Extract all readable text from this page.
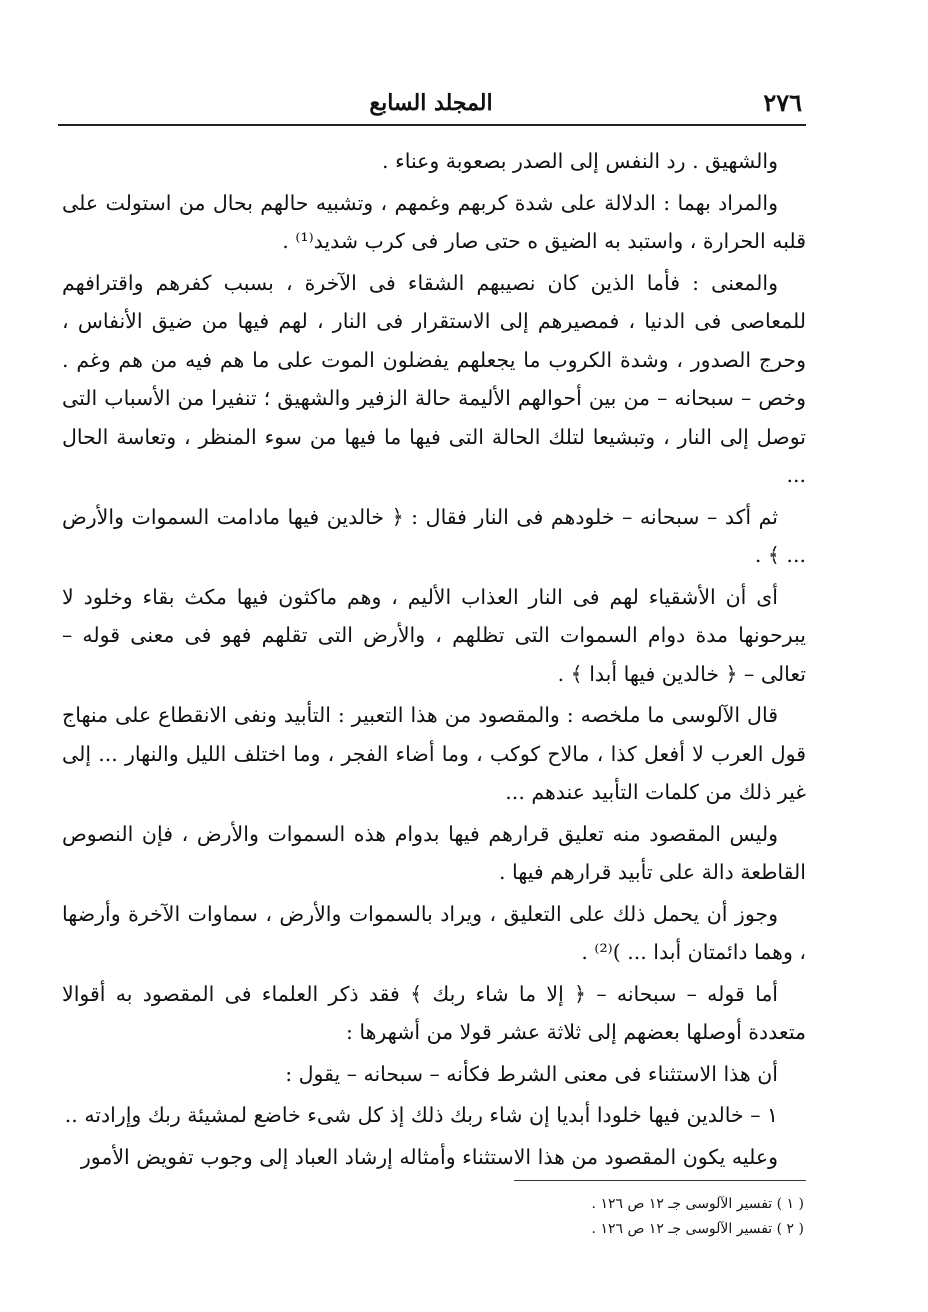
٢٧٦
المجلد السابع

والشهيق . رد النفس إلى الصدر بصعوبة وعناء .

والمراد بهما : الدلالة على شدة كربهم وغمهم ، وتشبيه حالهم بحال من استولت على قلبه الحرارة ، واستبد به الضيق ه حتى صار فى كرب شديد⁽¹⁾ .

والمعنى : فأما الذين كان نصيبهم الشقاء فى الآخرة ، بسبب كفرهم واقترافهم للمعاصى فى الدنيا ، فمصيرهم إلى الاستقرار فى النار ، لهم فيها من ضيق الأنفاس ، وحرج الصدور ، وشدة الكروب ما يجعلهم يفضلون الموت على ما هم فيه من هم وغم . وخص – سبحانه – من بين أحوالهم الأليمة حالة الزفير والشهيق ؛ تنفيرا من الأسباب التى توصل إلى النار ، وتبشيعا لتلك الحالة التى فيها ما فيها من سوء المنظر ، وتعاسة الحال ...

ثم أكد – سبحانه – خلودهم فى النار فقال : ﴿ خالدين فيها مادامت السموات والأرض ... ﴾ .

أى أن الأشقياء لهم فى النار العذاب الأليم ، وهم ماكثون فيها مكث بقاء وخلود لا يبرحونها مدة دوام السموات التى تظلهم ، والأرض التى تقلهم فهو فى معنى قوله – تعالى – ﴿ خالدين فيها أبدا ﴾ .

قال الآلوسى ما ملخصه : والمقصود من هذا التعبير : التأبيد ونفى الانقطاع على منهاج قول العرب لا أفعل كذا ، مالاح كوكب ، وما أضاء الفجر ، وما اختلف الليل والنهار ... إلى غير ذلك من كلمات التأبيد عندهم ...

وليس المقصود منه تعليق قرارهم فيها بدوام هذه السموات والأرض ، فإن النصوص القاطعة دالة على تأبيد قرارهم فيها .

وجوز أن يحمل ذلك على التعليق ، ويراد بالسموات والأرض ، سماوات الآخرة وأرضها ، وهما دائمتان أبدا ... )⁽²⁾ .

أما قوله – سبحانه – ﴿ إلا ما شاء ربك ﴾ فقد ذكر العلماء فى المقصود به أقوالا متعددة أوصلها بعضهم إلى ثلاثة عشر قولا من أشهرها :

أن هذا الاستثناء فى معنى الشرط فكأنه – سبحانه – يقول :

١ – خالدين فيها خلودا أبديا إن شاء ربك ذلك إذ كل شىء خاضع لمشيئة ربك وإرادته ..

وعليه يكون المقصود من هذا الاستثناء وأمثاله إرشاد العباد إلى وجوب تفويض الأمور

( ١ ) تفسير الآلوسى جـ ١٢ ص ١٢٦ .
( ٢ ) تفسير الآلوسى جـ ١٢ ص ١٢٦ .
